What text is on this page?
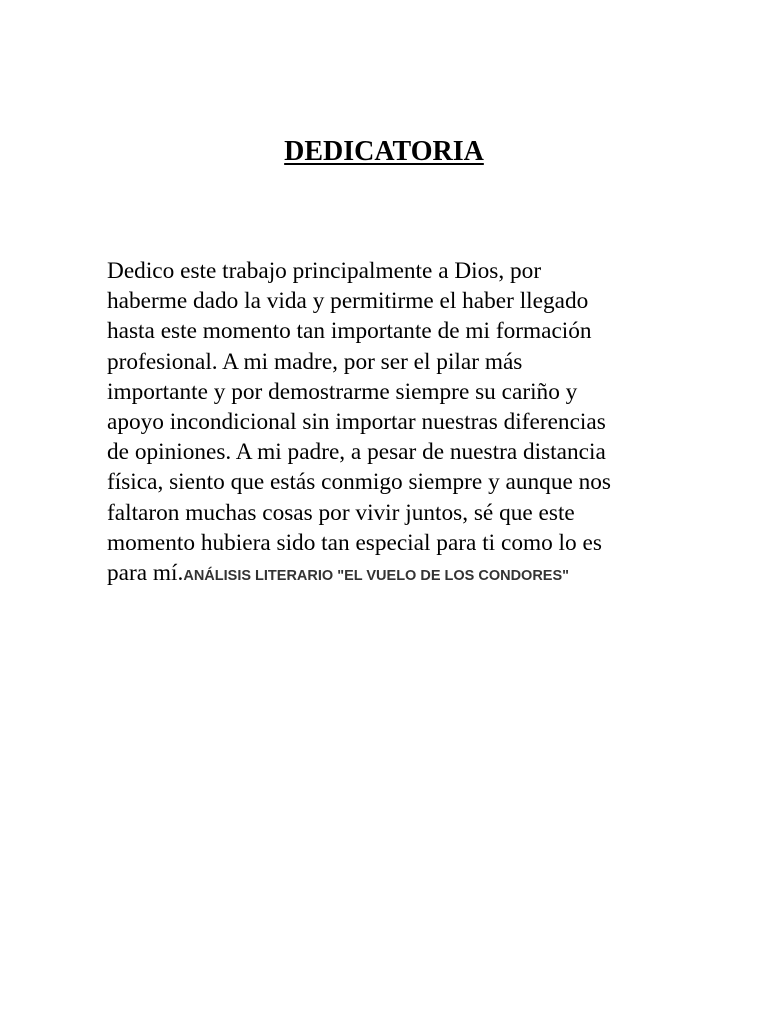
DEDICATORIA
Dedico este trabajo principalmente a Dios, por
haberme dado la vida y permitirme el haber llegado
hasta este momento tan importante de mi formación
profesional. A mi madre, por ser el pilar más
importante y por demostrarme siempre su cariño y
apoyo incondicional sin importar nuestras diferencias
de opiniones. A mi padre, a pesar de nuestra distancia
física, siento que estás conmigo siempre y aunque nos
faltaron muchas cosas por vivir juntos, sé que este
momento hubiera sido tan especial para ti como lo es
para mí.ANÁLISIS LITERARIO "EL VUELO DE LOS CONDORES"
